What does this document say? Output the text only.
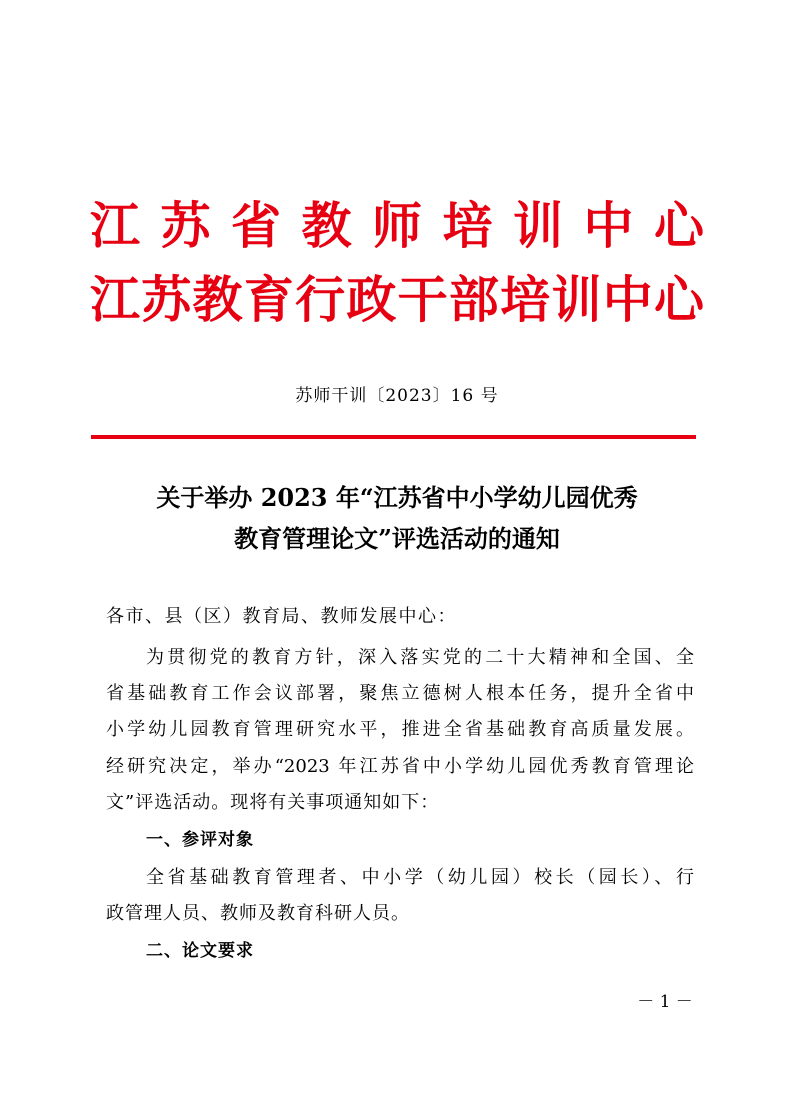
江苏省教师培训中心
江苏教育行政干部培训中心
苏师干训〔2023〕16 号
关于举办 2023 年“江苏省中小学幼儿园优秀
教育管理论文”评选活动的通知
各市、县（区）教育局、教师发展中心：
为贯彻党的教育方针，深入落实党的二十大精神和全国、全
省基础教育工作会议部署，聚焦立德树人根本任务，提升全省中
小学幼儿园教育管理研究水平，推进全省基础教育高质量发展。
经研究决定，举办“2023 年江苏省中小学幼儿园优秀教育管理论
文”评选活动。现将有关事项通知如下：
一、参评对象
全省基础教育管理者、中小学（幼儿园）校长（园长）、行
政管理人员、教师及教育科研人员。
二、论文要求
－ 1 －
